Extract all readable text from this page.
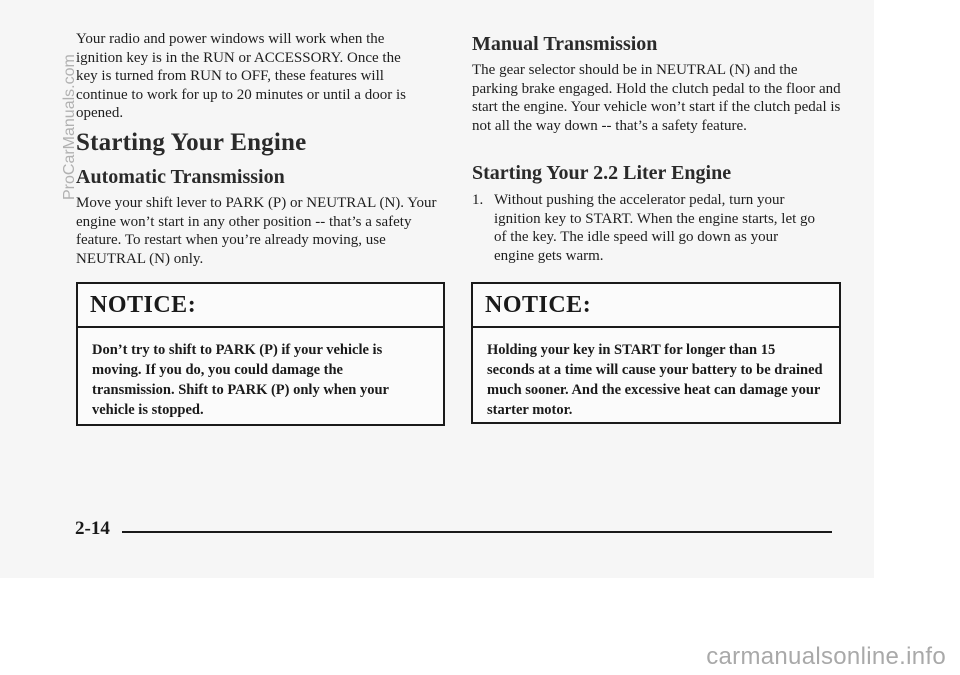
Your radio and power windows will work when the ignition key is in the RUN or ACCESSORY. Once the key is turned from RUN to OFF, these features will continue to work for up to 20 minutes or until a door is opened.

Starting Your Engine
Automatic Transmission

Move your shift lever to PARK (P) or NEUTRAL (N). Your engine won’t start in any other position -- that’s a safety feature. To restart when you’re already moving, use NEUTRAL (N) only.

NOTICE:
Don’t try to shift to PARK (P) if your vehicle is moving. If you do, you could damage the transmission. Shift to PARK (P) only when your vehicle is stopped.
Manual Transmission

The gear selector should be in NEUTRAL (N) and the parking brake engaged. Hold the clutch pedal to the floor and start the engine. Your vehicle won’t start if the clutch pedal is not all the way down -- that’s a safety feature.

Starting Your 2.2 Liter Engine
1. Without pushing the accelerator pedal, turn your ignition key to START. When the engine starts, let go of the key. The idle speed will go down as your engine gets warm.
NOTICE:
Holding your key in START for longer than 15 seconds at a time will cause your battery to be drained much sooner. And the excessive heat can damage your starter motor.
2-14
ProCarManuals.com
carmanualsonline.info
